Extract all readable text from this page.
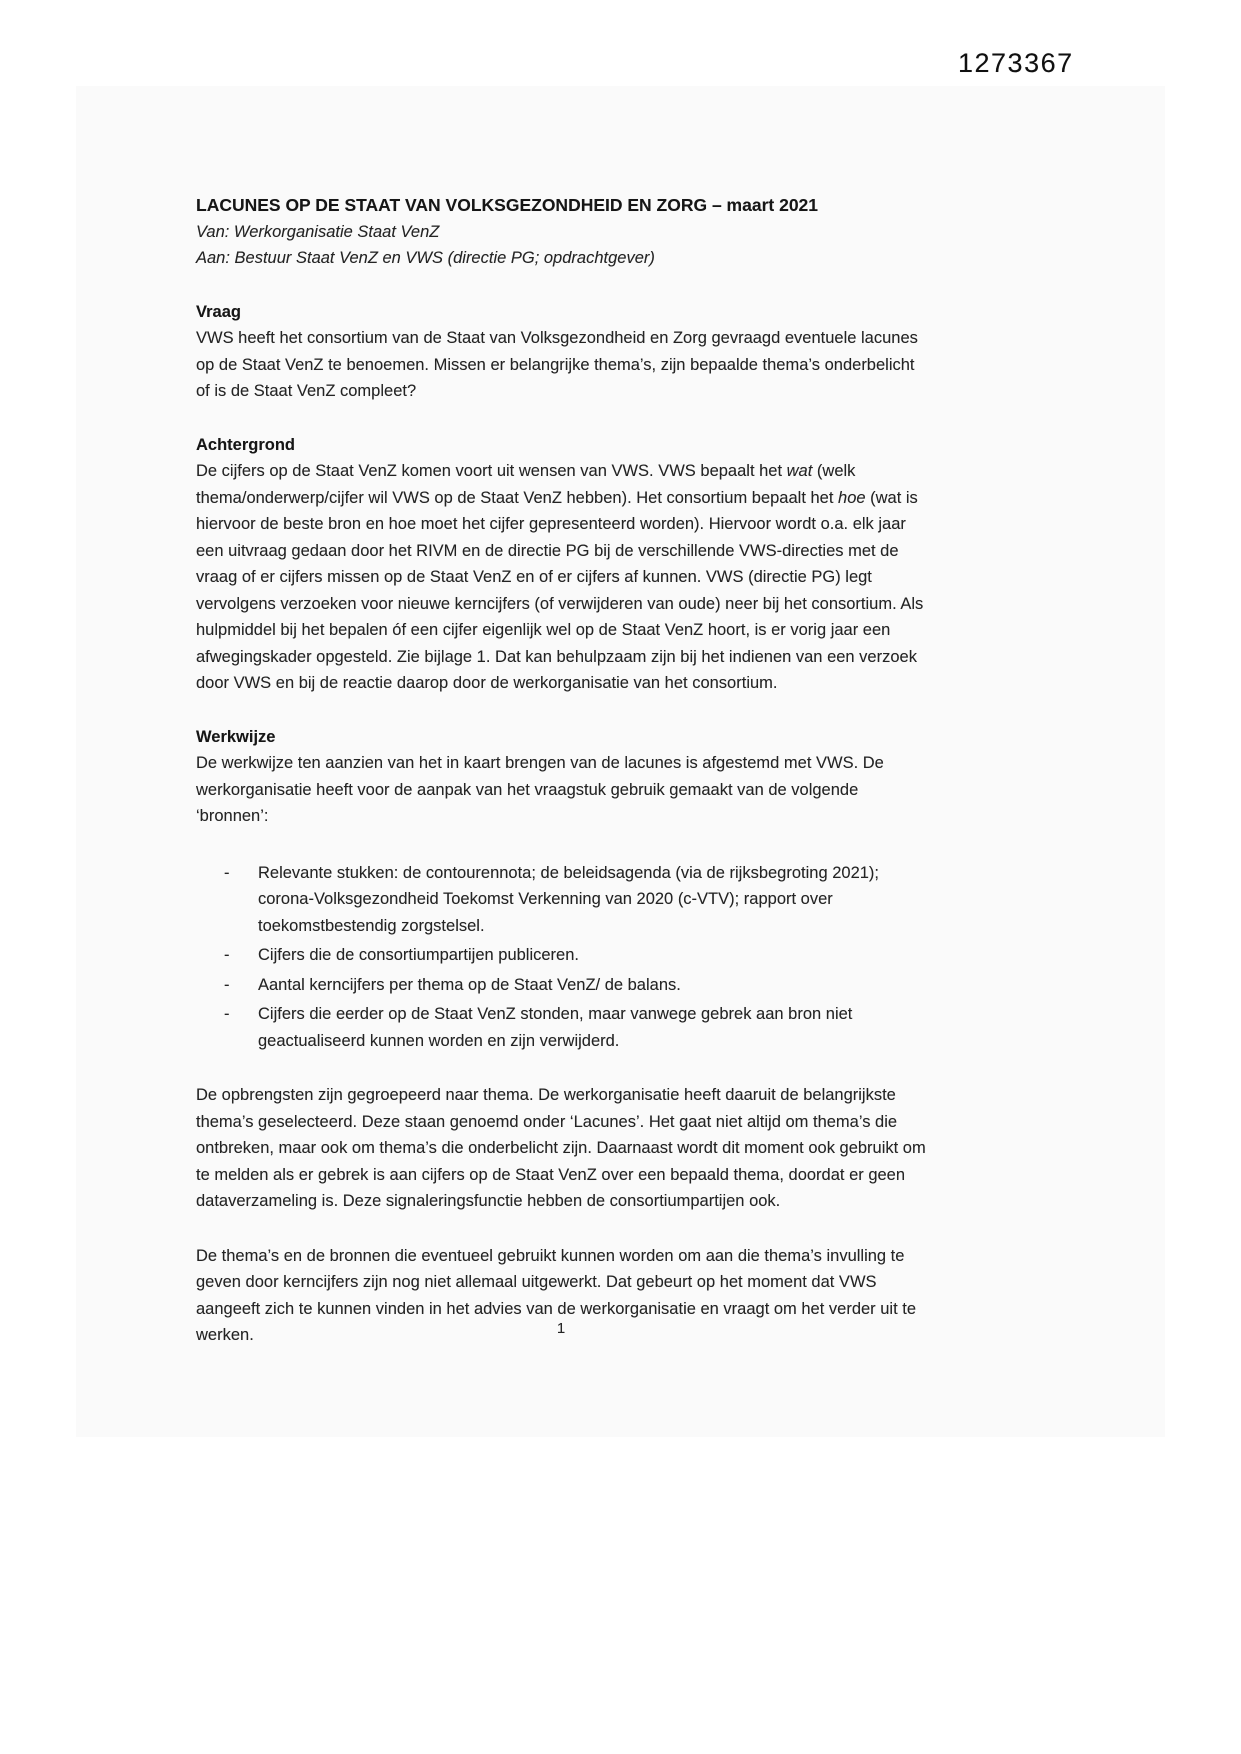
1273367
LACUNES OP DE STAAT VAN VOLKSGEZONDHEID EN ZORG – maart 2021
Van: Werkorganisatie Staat VenZ
Aan: Bestuur Staat VenZ en VWS (directie PG; opdrachtgever)
Vraag

VWS heeft het consortium van de Staat van Volksgezondheid en Zorg gevraagd eventuele lacunes op de Staat VenZ te benoemen. Missen er belangrijke thema’s, zijn bepaalde thema’s onderbelicht of is de Staat VenZ compleet?

Achtergrond

De cijfers op de Staat VenZ komen voort uit wensen van VWS. VWS bepaalt het wat (welk thema/onderwerp/cijfer wil VWS op de Staat VenZ hebben). Het consortium bepaalt het hoe (wat is hiervoor de beste bron en hoe moet het cijfer gepresenteerd worden). Hiervoor wordt o.a. elk jaar een uitvraag gedaan door het RIVM en de directie PG bij de verschillende VWS-directies met de vraag of er cijfers missen op de Staat VenZ en of er cijfers af kunnen. VWS (directie PG) legt vervolgens verzoeken voor nieuwe kerncijfers (of verwijderen van oude) neer bij het consortium. Als hulpmiddel bij het bepalen óf een cijfer eigenlijk wel op de Staat VenZ hoort, is er vorig jaar een afwegingskader opgesteld. Zie bijlage 1. Dat kan behulpzaam zijn bij het indienen van een verzoek door VWS en bij de reactie daarop door de werkorganisatie van het consortium.

Werkwijze

De werkwijze ten aanzien van het in kaart brengen van de lacunes is afgestemd met VWS. De werkorganisatie heeft voor de aanpak van het vraagstuk gebruik gemaakt van de volgende ‘bronnen’:

-	Relevante stukken: de contourennota; de beleidsagenda (via de rijksbegroting 2021); corona-Volksgezondheid Toekomst Verkenning van 2020 (c-VTV); rapport over toekomstbestendig zorgstelsel.
-	Cijfers die de consortiumpartijen publiceren.
-	Aantal kerncijfers per thema op de Staat VenZ/ de balans.
-	Cijfers die eerder op de Staat VenZ stonden, maar vanwege gebrek aan bron niet geactualiseerd kunnen worden en zijn verwijderd.

De opbrengsten zijn gegroepeerd naar thema. De werkorganisatie heeft daaruit de belangrijkste thema’s geselecteerd. Deze staan genoemd onder ‘Lacunes’. Het gaat niet altijd om thema’s die ontbreken, maar ook om thema’s die onderbelicht zijn. Daarnaast wordt dit moment ook gebruikt om te melden als er gebrek is aan cijfers op de Staat VenZ over een bepaald thema, doordat er geen dataverzameling is. Deze signaleringsfunctie hebben de consortiumpartijen ook.

De thema’s en de bronnen die eventueel gebruikt kunnen worden om aan die thema’s invulling te geven door kerncijfers zijn nog niet allemaal uitgewerkt. Dat gebeurt op het moment dat VWS aangeeft zich te kunnen vinden in het advies van de werkorganisatie en vraagt om het verder uit te werken.	1
